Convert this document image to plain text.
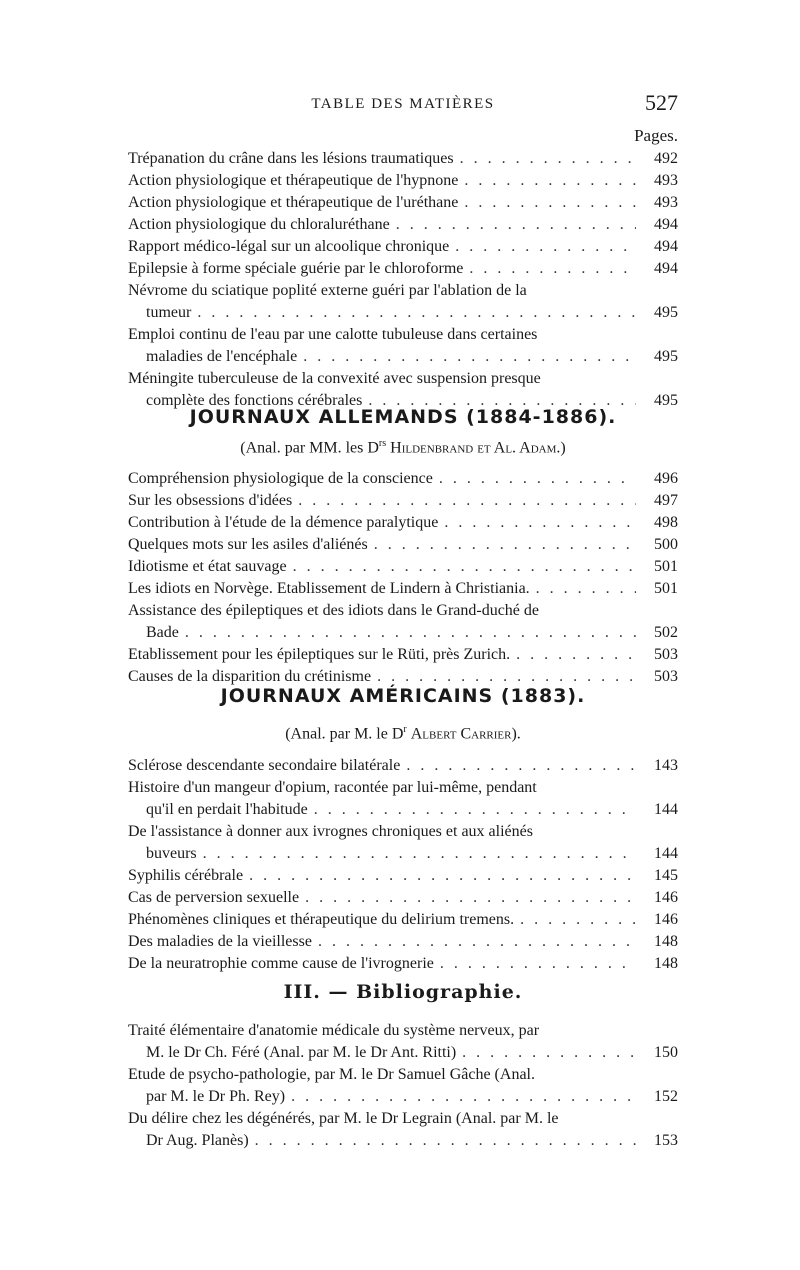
TABLE DES MATIÈRES	527
Pages.
Trépanation du crâne dans les lésions traumatiques . . .	492
Action physiologique et thérapeutique de l'hypnone . . .	493
Action physiologique et thérapeutique de l'uréthane . . .	493
Action physiologique du chloraluréthane . . .	494
Rapport médico-légal sur un alcoolique chronique . . .	494
Epilepsie à forme spéciale guérie par le chloroforme . . .	494
Névrome du sciatique poplité externe guéri par l'ablation de la
tumeur . . .	495
Emploi continu de l'eau par une calotte tubuleuse dans certaines
maladies de l'encéphale . . .	495
Méningite tuberculeuse de la convexité avec suspension presque
complète des fonctions cérébrales . . .	495
JOURNAUX ALLEMANDS (1884-1886).
(Anal. par MM. les $D^{rs}$ Hildenbrand et Al. Adam.)
Compréhension physiologique de la conscience . . .	496
Sur les obsessions d'idées . . .	497
Contribution à l'étude de la démence paralytique . . .	498
Quelques mots sur les asiles d'aliénés . . .	500
Idiotisme et état sauvage . . .	501
Les idiots en Norvège. Etablissement de Lindern à Christiania. . . .	501
Assistance des épileptiques et des idiots dans le Grand-duché de
Bade . . .	502
Etablissement pour les épileptiques sur le Rüti, près Zurich. . . .	503
Causes de la disparition du crétinisme . . .	503
JOURNAUX AMÉRICAINS (1883).
(Anal. par M. le $D^r$ Albert Carrier).
Sclérose descendante secondaire bilatérale . . .	143
Histoire d'un mangeur d'opium, racontée par lui-même, pendant
qu'il en perdait l'habitude . . .	144
De l'assistance à donner aux ivrognes chroniques et aux aliénés
buveurs . . .	144
Syphilis cérébrale . . .	145
Cas de perversion sexuelle . . .	146
Phénomènes cliniques et thérapeutique du delirium tremens. . . .	146
Des maladies de la vieillesse . . .	148
De la neuratrophie comme cause de l'ivrognerie . . .	148
III. — Bibliographie.
Traité élémentaire d'anatomie médicale du système nerveux, par
M. le Dr Ch. Féré (Anal. par M. le Dr Ant. Ritti) . . .	150
Etude de psycho-pathologie, par M. le Dr Samuel Gâche (Anal.
par M. le Dr Ph. Rey) . . .	152
Du délire chez les dégénérés, par M. le Dr Legrain (Anal. par M. le
Dr Aug. Planès) . . .	153
